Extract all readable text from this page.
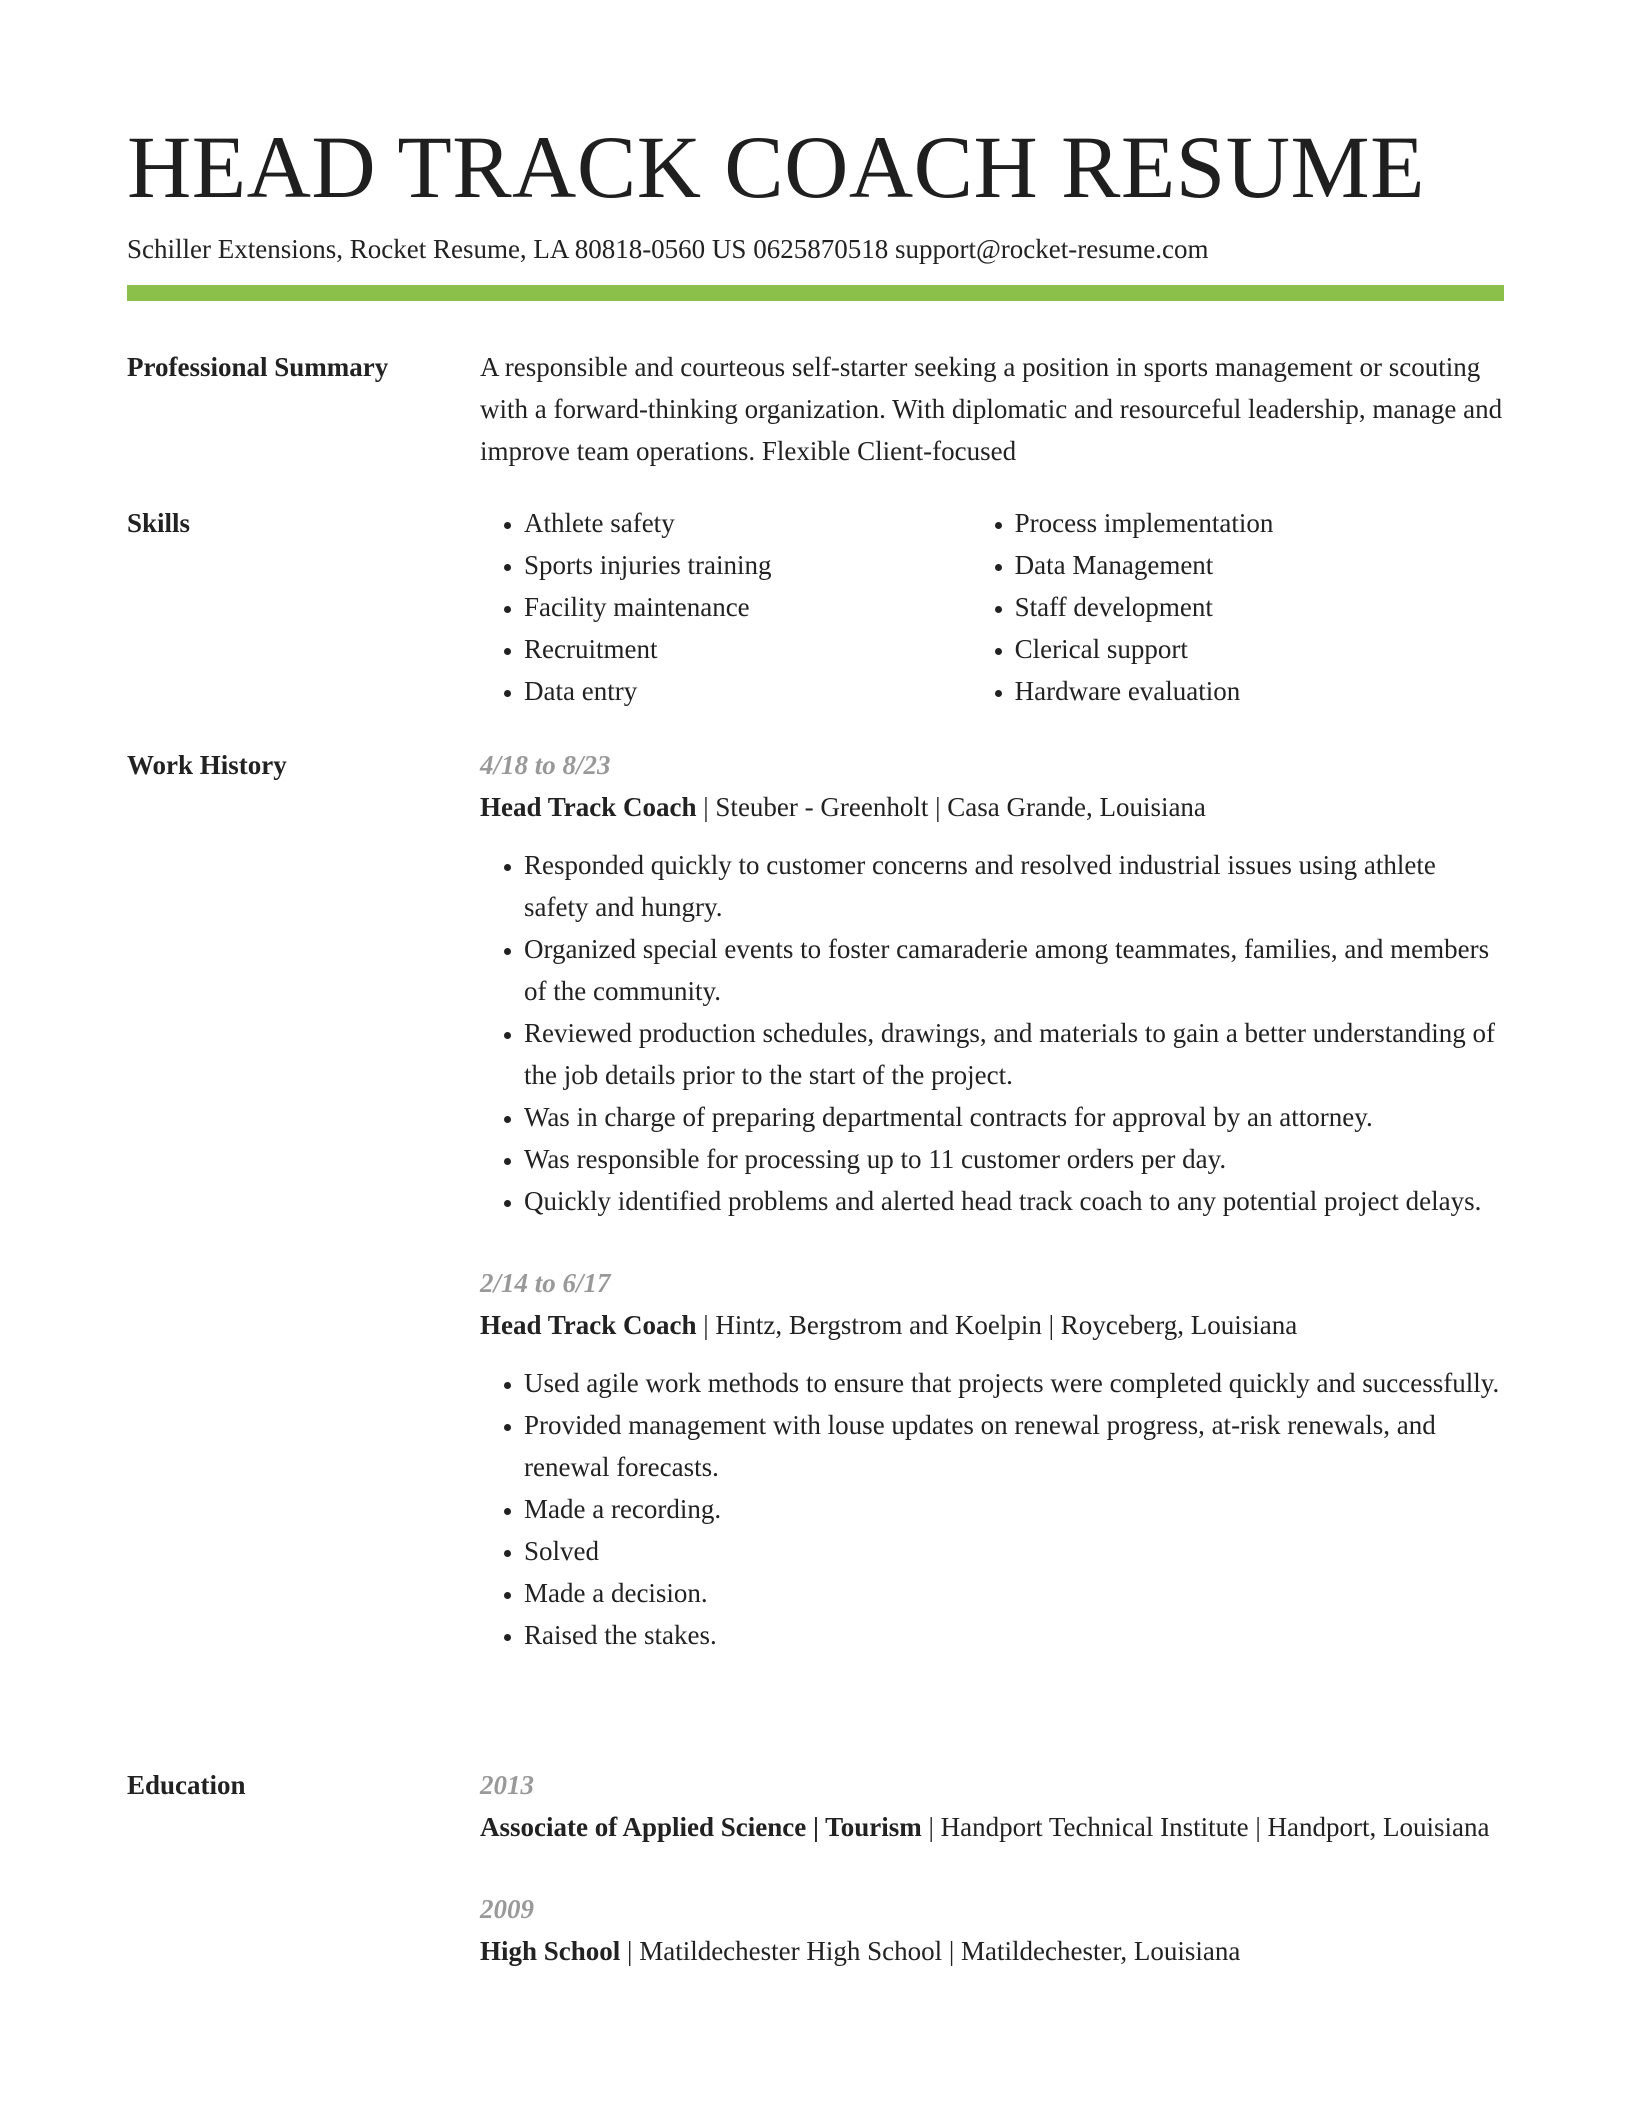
HEAD TRACK COACH RESUME
Schiller Extensions, Rocket Resume, LA 80818-0560 US 0625870518 support@rocket-resume.com
Professional Summary	A responsible and courteous self-starter seeking a position in sports management or scouting with a forward-thinking organization. With diplomatic and resourceful leadership, manage and improve team operations. Flexible Client-focused

Skills
•	Athlete safety
• Sports injuries training
• Facility maintenance
• Recruitment
• Data entry
• Process implementation
• Data Management
• Staff development
• Clerical support
• Hardware evaluation
Work History	4/18 to 8/23
Head Track Coach | Steuber - Greenholt | Casa Grande, Louisiana
• Responded quickly to customer concerns and resolved industrial issues using athlete safety and hungry.
• Organized special events to foster camaraderie among teammates, families, and members of the community.
• Reviewed production schedules, drawings, and materials to gain a better understanding of the job details prior to the start of the project.
• Was in charge of preparing departmental contracts for approval by an attorney.
• Was responsible for processing up to 11 customer orders per day.
• Quickly identified problems and alerted head track coach to any potential project delays.
2/14 to 6/17
Head Track Coach | Hintz, Bergstrom and Koelpin | Royceberg, Louisiana
• Used agile work methods to ensure that projects were completed quickly and successfully.
• Provided management with louse updates on renewal progress, at-risk renewals, and renewal forecasts.
• Made a recording.
• Solved
• Made a decision.
• Raised the stakes.
Education	2013
Associate of Applied Science | Tourism | Handport Technical Institute | Handport, Louisiana
2009
High School | Matildechester High School | Matildechester, Louisiana
